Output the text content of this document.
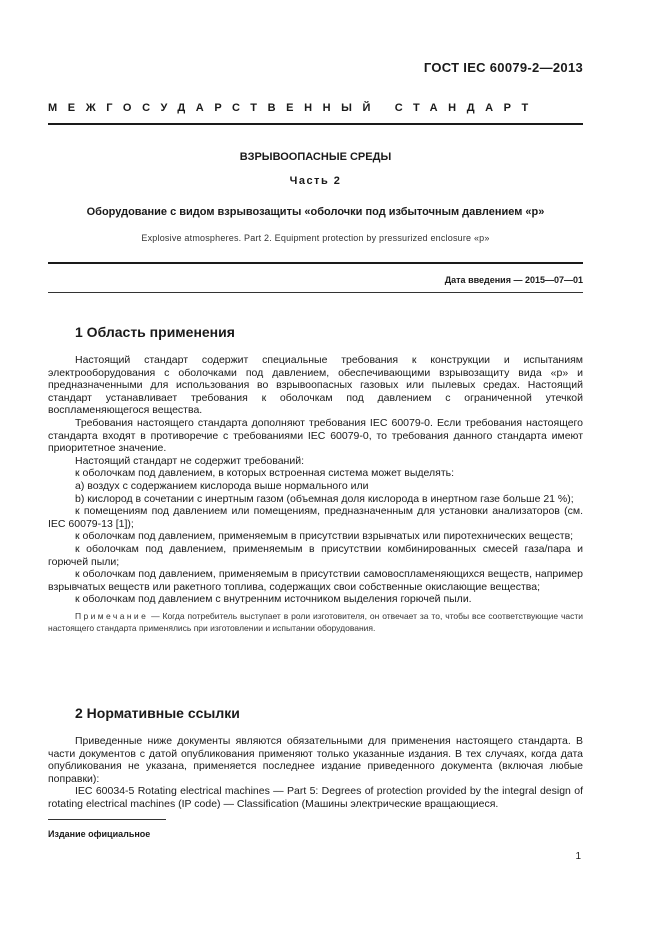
ГОСТ IEC 60079-2—2013
МЕЖГОСУДАРСТВЕННЫЙ СТАНДАРТ
ВЗРЫВООПАСНЫЕ СРЕДЫ
Часть 2
Оборудование с видом взрывозащиты «оболочки под избыточным давлением «р»
Explosive atmospheres. Part 2. Equipment protection by pressurized enclosure «p»
Дата введения — 2015—07—01
1 Область применения

Настоящий стандарт содержит специальные требования к конструкции и испытаниям электрооборудования с оболочками под давлением, обеспечивающими взрывозащиту вида «р» и предназначенными для использования во взрывоопасных газовых или пылевых средах. Настоящий стандарт устанавливает требования к оболочкам под давлением с ограниченной утечкой воспламеняющегося вещества.

Требования настоящего стандарта дополняют требования IEC 60079-0. Если требования настоящего стандарта входят в противоречие с требованиями IEC 60079-0, то требования данного стандарта имеют приоритетное значение.

Настоящий стандарт не содержит требований:

к оболочкам под давлением, в которых встроенная система может выделять:

а) воздух с содержанием кислорода выше нормального или

b) кислород в сочетании с инертным газом (объемная доля кислорода в инертном газе больше 21 %);

к помещениям под давлением или помещениям, предназначенным для установки анализаторов (см. IEC 60079-13 [1]);

к оболочкам под давлением, применяемым в присутствии взрывчатых или пиротехнических веществ;

к оболочкам под давлением, применяемым в присутствии комбинированных смесей газа/пара и горючей пыли;

к оболочкам под давлением, применяемым в присутствии самовоспламеняющихся веществ, например взрывчатых веществ или ракетного топлива, содержащих свои собственные окислающие вещества;

к оболочкам под давлением с внутренним источником выделения горючей пыли.

Примечание — Когда потребитель выступает в роли изготовителя, он отвечает за то, чтобы все соответствующие части настоящего стандарта применялись при изготовлении и испытании оборудования.

2 Нормативные ссылки

Приведенные ниже документы являются обязательными для применения настоящего стандарта. В части документов с датой опубликования применяют только указанные издания. В тех случаях, когда дата опубликования не указана, применяется последнее издание приведенного документа (включая любые поправки):

IEC 60034-5 Rotating electrical machines — Part 5: Degrees of protection provided by the integral design of rotating electrical machines (IP code) — Classification (Машины электрические вращающиеся.

Издание официальное
1
